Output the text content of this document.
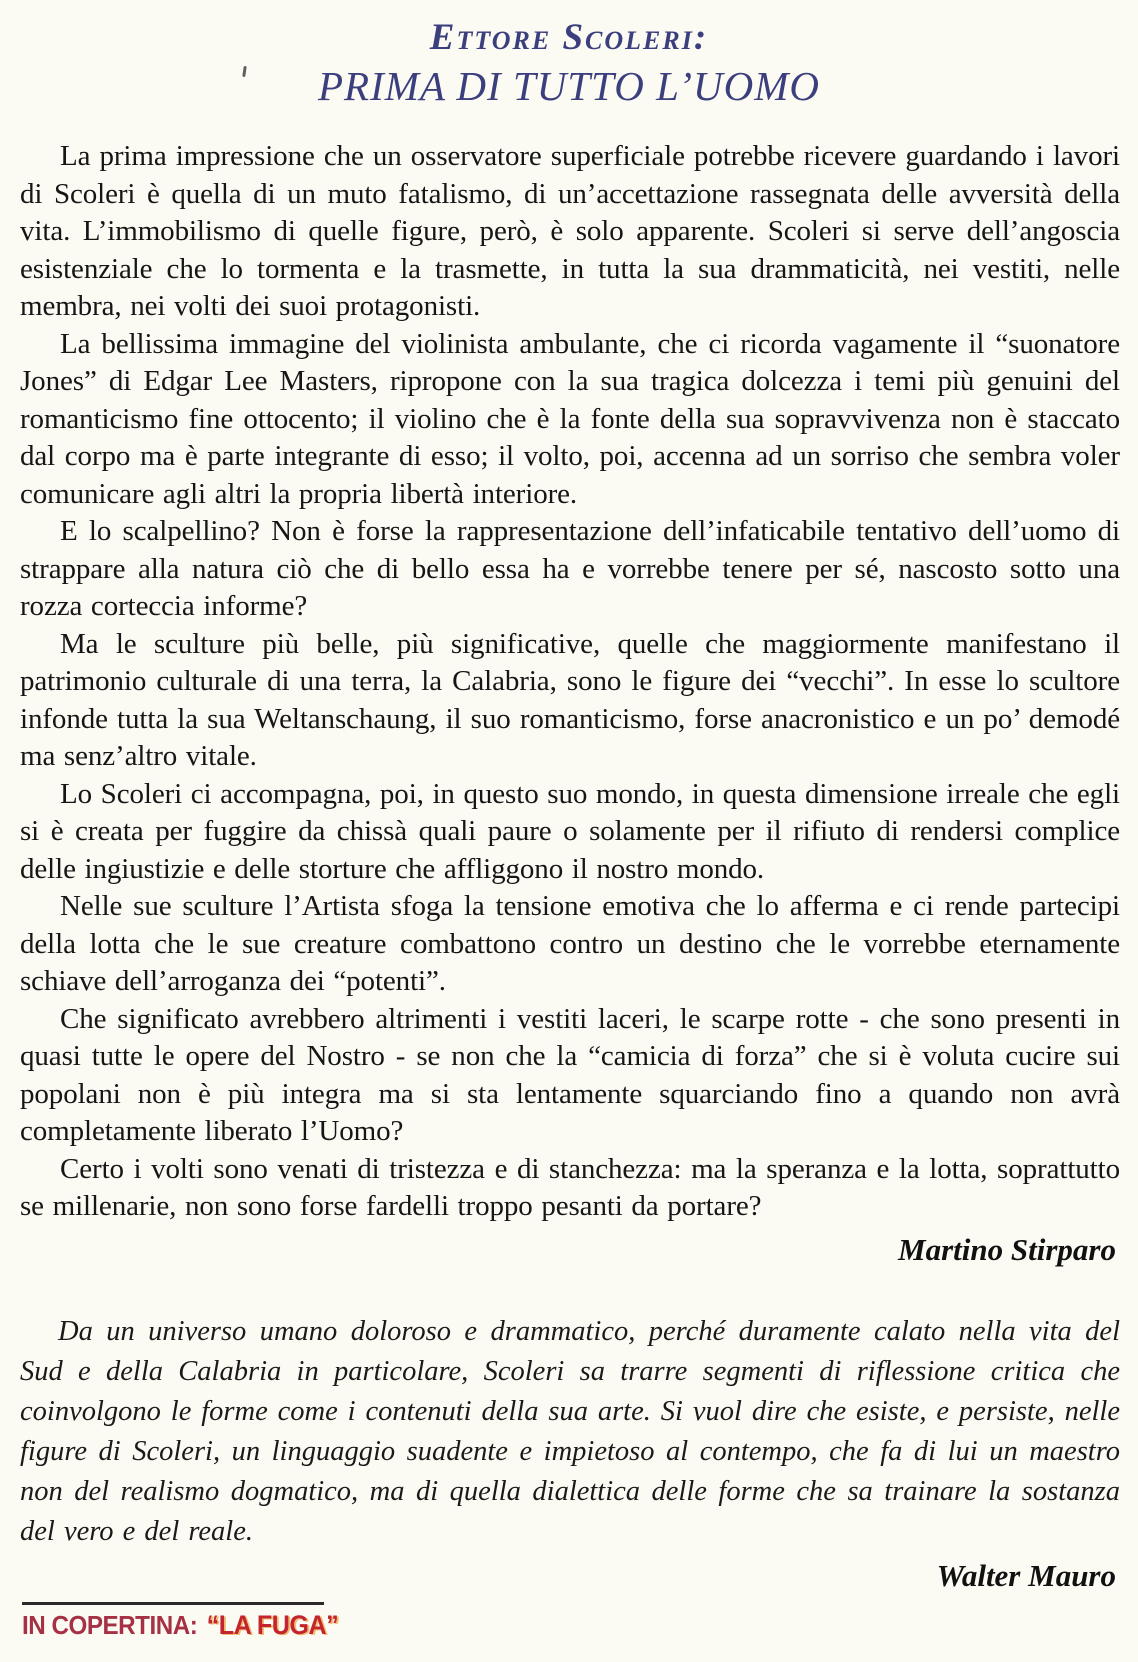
Ettore Scoleri:
PRIMA DI TUTTO L’UOMO

La prima impressione che un osservatore superficiale potrebbe ricevere guardando i lavori di Scoleri è quella di un muto fatalismo, di un’accettazione rassegnata delle avversità della vita. L’immobilismo di quelle figure, però, è solo apparente. Scoleri si serve dell’angoscia esistenziale che lo tormenta e la trasmette, in tutta la sua drammaticità, nei vestiti, nelle membra, nei volti dei suoi protagonisti.

La bellissima immagine del violinista ambulante, che ci ricorda vagamente il “suonatore Jones” di Edgar Lee Masters, ripropone con la sua tragica dolcezza i temi più genuini del romanticismo fine ottocento; il violino che è la fonte della sua sopravvivenza non è staccato dal corpo ma è parte integrante di esso; il volto, poi, accenna ad un sorriso che sembra voler comunicare agli altri la propria libertà interiore.

E lo scalpellino? Non è forse la rappresentazione dell’infaticabile tentativo dell’uomo di strappare alla natura ciò che di bello essa ha e vorrebbe tenere per sé, nascosto sotto una rozza corteccia informe?

Ma le sculture più belle, più significative, quelle che maggiormente manifestano il patrimonio culturale di una terra, la Calabria, sono le figure dei “vecchi”. In esse lo scultore infonde tutta la sua Weltanschaung, il suo romanticismo, forse anacronistico e un po’ demodé ma senz’altro vitale.

Lo Scoleri ci accompagna, poi, in questo suo mondo, in questa dimensione irreale che egli si è creata per fuggire da chissà quali paure o solamente per il rifiuto di rendersi complice delle ingiustizie e delle storture che affliggono il nostro mondo.

Nelle sue sculture l’Artista sfoga la tensione emotiva che lo afferma e ci rende partecipi della lotta che le sue creature combattono contro un destino che le vorrebbe eternamente schiave dell’arroganza dei “potenti”.

Che significato avrebbero altrimenti i vestiti laceri, le scarpe rotte - che sono presenti in quasi tutte le opere del Nostro - se non che la “camicia di forza” che si è voluta cucire sui popolani non è più integra ma si sta lentamente squarciando fino a quando non avrà completamente liberato l’Uomo?

Certo i volti sono venati di tristezza e di stanchezza: ma la speranza e la lotta, soprattutto se millenarie, non sono forse fardelli troppo pesanti da portare?

Martino Stirparo
Da un universo umano doloroso e drammatico, perché duramente calato nella vita del Sud e della Calabria in particolare, Scoleri sa trarre segmenti di riflessione critica che coinvolgono le forme come i contenuti della sua arte. Si vuol dire che esiste, e persiste, nelle figure di Scoleri, un linguaggio suadente e impietoso al contempo, che fa di lui un maestro non del realismo dogmatico, ma di quella dialettica delle forme che sa trainare la sostanza del vero e del reale.
Walter Mauro
IN COPERTINA: “LA FUGA”
